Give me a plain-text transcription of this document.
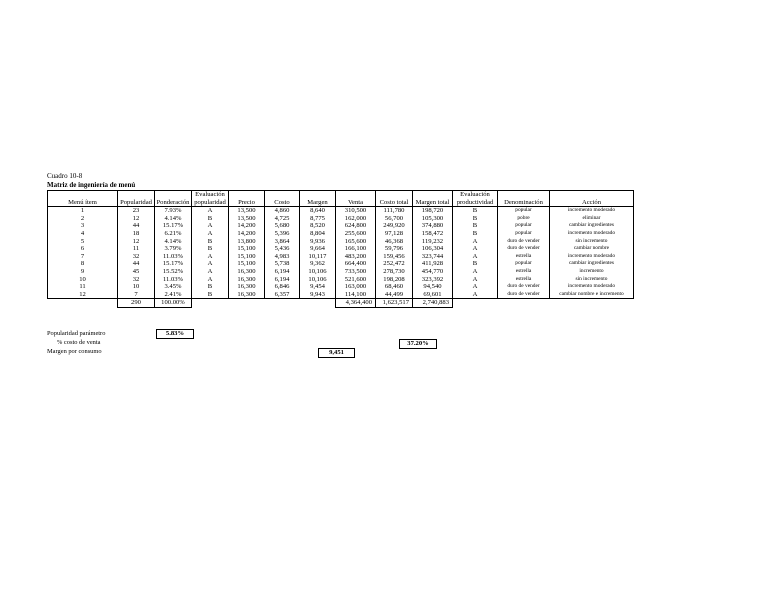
Cuadro 10-8
Matriz de ingeniería de menú
Menú ítem	Popularidad	Ponderación	Evaluación	Precio	Costo	Margen	Venta	Costo total	Margen total	Evaluación	Denominación	Acción
			popularidad							productividad		
1	23	7.93%	A	13,500	4,860	8,640	310,500	111,780	198,720	B	popular	incremento moderado
2	12	4.14%	B	13,500	4,725	8,775	162,000	56,700	105,300	B	pobre	eliminar
3	44	15.17%	A	14,200	5,680	8,520	624,800	249,920	374,880	B	popular	cambiar ingredientes
4	18	6.21%	A	14,200	5,396	8,804	255,600	97,128	158,472	B	popular	incremento moderado
5	12	4.14%	B	13,800	3,864	9,936	165,600	46,368	119,232	A	duro de vender	sin incremento
6	11	3.79%	B	15,100	5,436	9,664	166,100	59,796	106,304	A	duro de vender	cambiar nombre
7	32	11.03%	A	15,100	4,983	10,117	483,200	159,456	323,744	A	estrella	incremento moderado
8	44	15.17%	A	15,100	5,738	9,362	664,400	252,472	411,928	B	popular	cambiar ingredientes
9	45	15.52%	A	16,300	6,194	10,106	733,500	278,730	454,770	A	estrella	incremento
10	32	11.03%	A	16,300	6,194	10,106	521,600	198,208	323,392	A	estrella	sin incremento
11	10	3.45%	B	16,300	6,846	9,454	163,000	68,460	94,540	A	duro de vender	incremento moderado
12	7	2.41%	B	16,300	6,357	9,943	114,100	44,499	69,601	A	duro de vender	cambiar nombre e incremento
	290	100.00%					4,364,400	1,623,517	2,740,883			
Popularidad parámetro	5.83%
% costo de venta	37.20%
Margen por consumo	9,451
